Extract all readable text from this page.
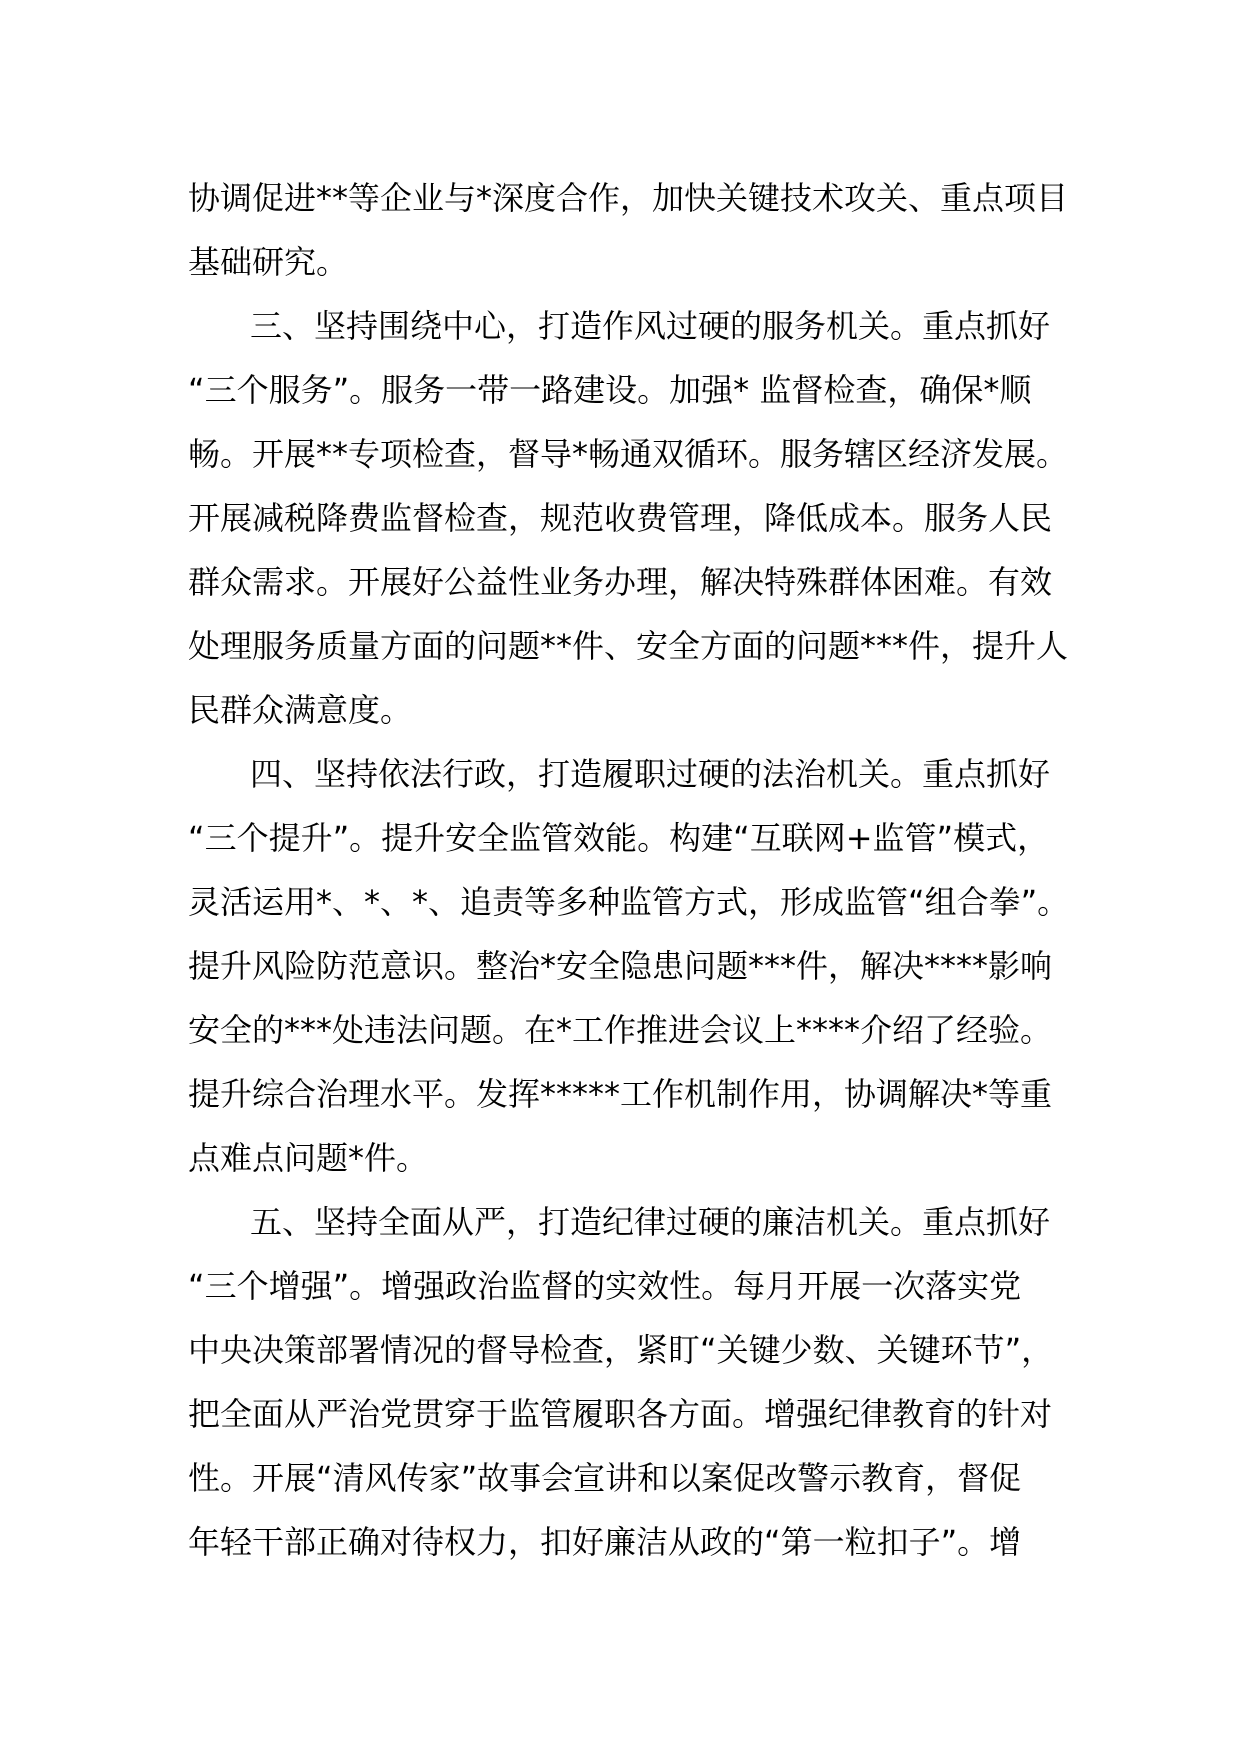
协调促进**等企业与*深度合作，加快关键技术攻关、重点项目
基础研究。
三、坚持围绕中心，打造作风过硬的服务机关。重点抓好
“三个服务”。服务一带一路建设。加强* 监督检查，确保*顺
畅。开展**专项检查，督导*畅通双循环。服务辖区经济发展。
开展减税降费监督检查，规范收费管理，降低成本。服务人民
群众需求。开展好公益性业务办理，解决特殊群体困难。有效
处理服务质量方面的问题**件、安全方面的问题***件，提升人
民群众满意度。
四、坚持依法行政，打造履职过硬的法治机关。重点抓好
“三个提升”。提升安全监管效能。构建“互联网+监管”模式，
灵活运用*、*、*、追责等多种监管方式，形成监管“组合拳”。
提升风险防范意识。整治*安全隐患问题***件，解决****影响
安全的***处违法问题。在*工作推进会议上****介绍了经验。
提升综合治理水平。发挥*****工作机制作用，协调解决*等重
点难点问题*件。
五、坚持全面从严，打造纪律过硬的廉洁机关。重点抓好
“三个增强”。增强政治监督的实效性。每月开展一次落实党
中央决策部署情况的督导检查，紧盯“关键少数、关键环节”，
把全面从严治党贯穿于监管履职各方面。增强纪律教育的针对
性。开展“清风传家”故事会宣讲和以案促改警示教育，督促
年轻干部正确对待权力，扣好廉洁从政的“第一粒扣子”。增
